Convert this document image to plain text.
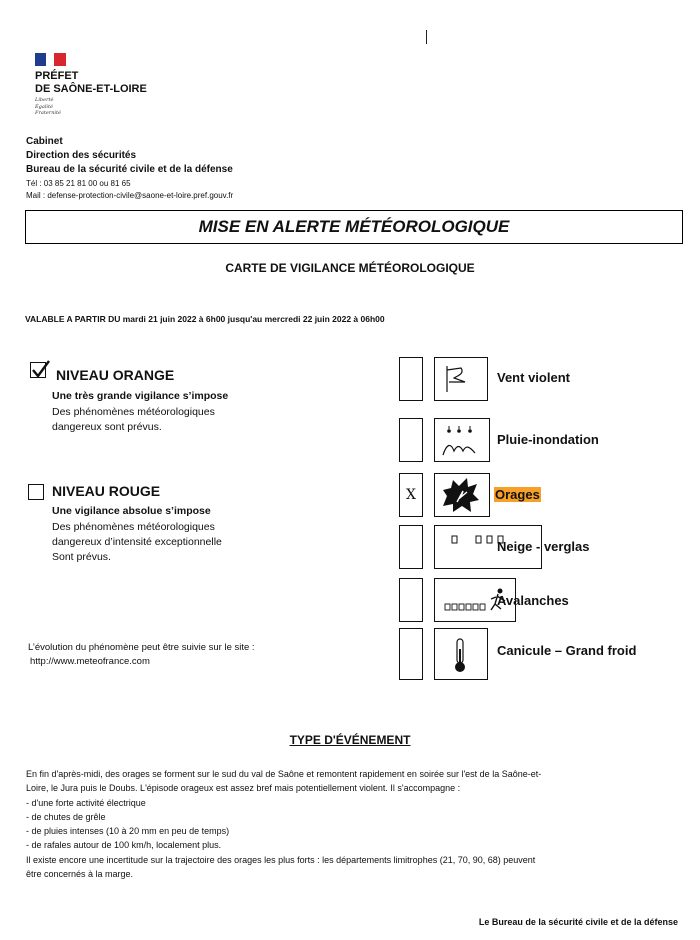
PRÉFET
DE SAÔNE-ET-LOIRE
Liberté
Égalité
Fraternité
Cabinet
Direction des sécurités
Bureau de la sécurité civile et de la défense
Tél : 03 85 21 81 00 ou 81 65
Mail : defense-protection-civile@saone-et-loire.pref.gouv.fr
MISE EN ALERTE MÉTÉOROLOGIQUE
CARTE DE VIGILANCE MÉTÉOROLOGIQUE
VALABLE A PARTIR DU mardi 21 juin 2022 à 6h00 jusqu'au mercredi 22 juin 2022 à 06h00
NIVEAU ORANGE
Une très grande vigilance s’impose
Des phénomènes météorologiques
dangereux sont prévus.
NIVEAU ROUGE
Une vigilance absolue s’impose
Des phénomènes météorologiques
dangereux d’intensité exceptionnelle
Sont prévus.
L’évolution du phénomène peut être suivie sur le site :
http://www.meteofrance.com
Vent violent
Pluie-inondation
X	Orages
Neige - verglas
Avalanches
Canicule – Grand froid
TYPE D'ÉVÉNEMENT
En fin d'après-midi, des orages se forment sur le sud du val de Saône et remontent rapidement en soirée sur l'est de la Saône-et-
Loire, le Jura puis le Doubs. L'épisode orageux est assez bref mais potentiellement violent. Il s'accompagne :
- d'une forte activité électrique
- de chutes de grêle
- de pluies intenses (10 à 20 mm en peu de temps)
- de rafales autour de 100 km/h, localement plus.
Il existe encore une incertitude sur la trajectoire des orages les plus forts : les départements limitrophes (21, 70, 90, 68) peuvent
être concernés à la marge.
Le Bureau de la sécurité civile et de la défense
